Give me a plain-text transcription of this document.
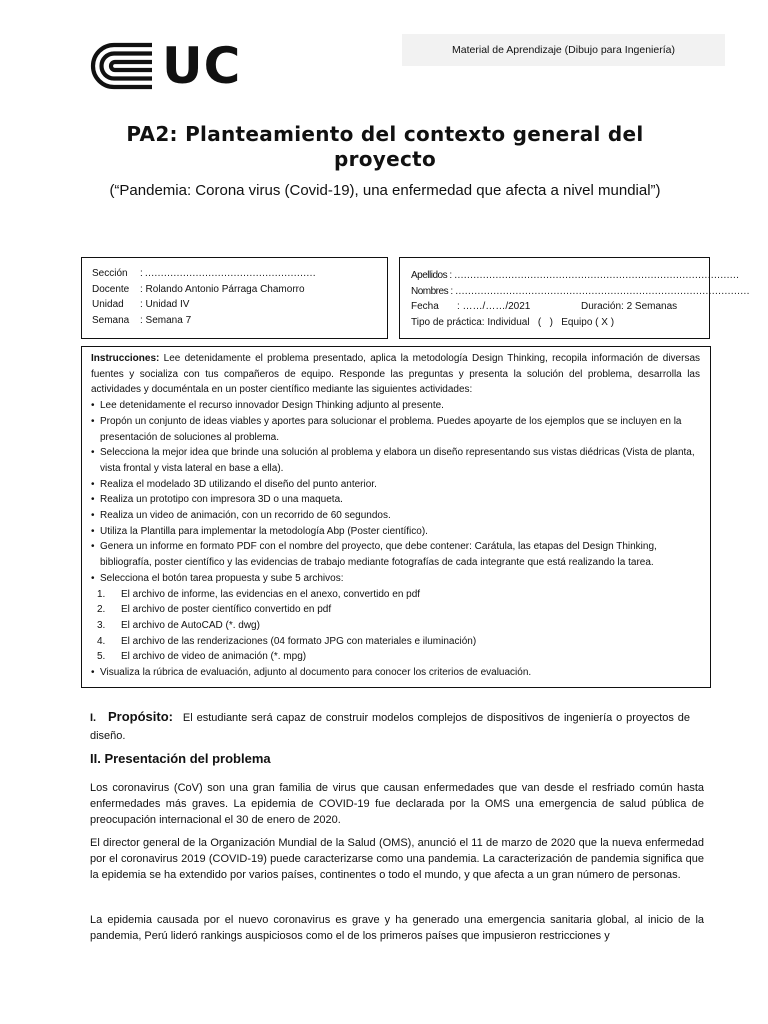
UC	Material de Aprendizaje (Dibujo para Ingeniería)
PA2: Planteamiento del contexto general del proyecto
(“Pandemia: Corona virus (Covid-19), una enfermedad que afecta a nivel mundial”)
Sección	: ………………………………………………
Docente	: Rolando Antonio Párraga Chamorro
Unidad	: Unidad IV
Semana	: Semana 7
Apellidos : ………………………………………………………………………………
Nombres : …………………………………………………………………………………
Fecha	: ……/……/2021	Duración: 2 Semanas
Tipo de práctica: Individual   (   )   Equipo ( X )

Instrucciones: Lee detenidamente el problema presentado, aplica la metodología Design Thinking, recopila información de diversas fuentes y socializa con tus compañeros de equipo. Responde las preguntas y presenta la solución del problema, desarrolla las actividades y documéntala en un poster científico mediante las siguientes actividades:

• Lee detenidamente el recurso innovador Design Thinking adjunto al presente.
• Propón un conjunto de ideas viables y aportes para solucionar el problema. Puedes apoyarte de los ejemplos que se incluyen en la presentación de soluciones al problema.
• Selecciona la mejor idea que brinde una solución al problema y elabora un diseño representando sus vistas diédricas (Vista de planta, vista frontal y vista lateral en base a ella).
• Realiza el modelado 3D utilizando el diseño del punto anterior.
• Realiza un prototipo con impresora 3D o una maqueta.
• Realiza un video de animación, con un recorrido de 60 segundos.
• Utiliza la Plantilla para implementar la metodología Abp (Poster científico).
• Genera un informe en formato PDF con el nombre del proyecto, que debe contener: Carátula, las etapas del Design Thinking, bibliografía, poster científico y las evidencias de trabajo mediante fotografías de cada integrante que está realizando la tarea.
• Selecciona el botón tarea propuesta y sube 5 archivos:
1. El archivo de informe, las evidencias en el anexo, convertido en pdf
2. El archivo de poster científico convertido en pdf
3. El archivo de AutoCAD (*. dwg)
4. El archivo de las renderizaciones (04 formato JPG con materiales e iluminación)
5. El archivo de video de animación (*. mpg)
• Visualiza la rúbrica de evaluación, adjunto al documento para conocer los criterios de evaluación.
I. Propósito: El estudiante será capaz de construir modelos complejos de dispositivos de ingeniería o proyectos de diseño.
II. Presentación del problema

Los coronavirus (CoV) son una gran familia de virus que causan enfermedades que van desde el resfriado común hasta enfermedades más graves. La epidemia de COVID-19 fue declarada por la OMS una emergencia de salud pública de preocupación internacional el 30 de enero de 2020.

El director general de la Organización Mundial de la Salud (OMS), anunció el 11 de marzo de 2020 que la nueva enfermedad por el coronavirus 2019 (COVID-19) puede caracterizarse como una pandemia. La caracterización de pandemia significa que la epidemia se ha extendido por varios países, continentes o todo el mundo, y que afecta a un gran número de personas.

La epidemia causada por el nuevo coronavirus es grave y ha generado una emergencia sanitaria global, al inicio de la pandemia, Perú lideró rankings auspiciosos como el de los primeros países que impusieron restricciones y
